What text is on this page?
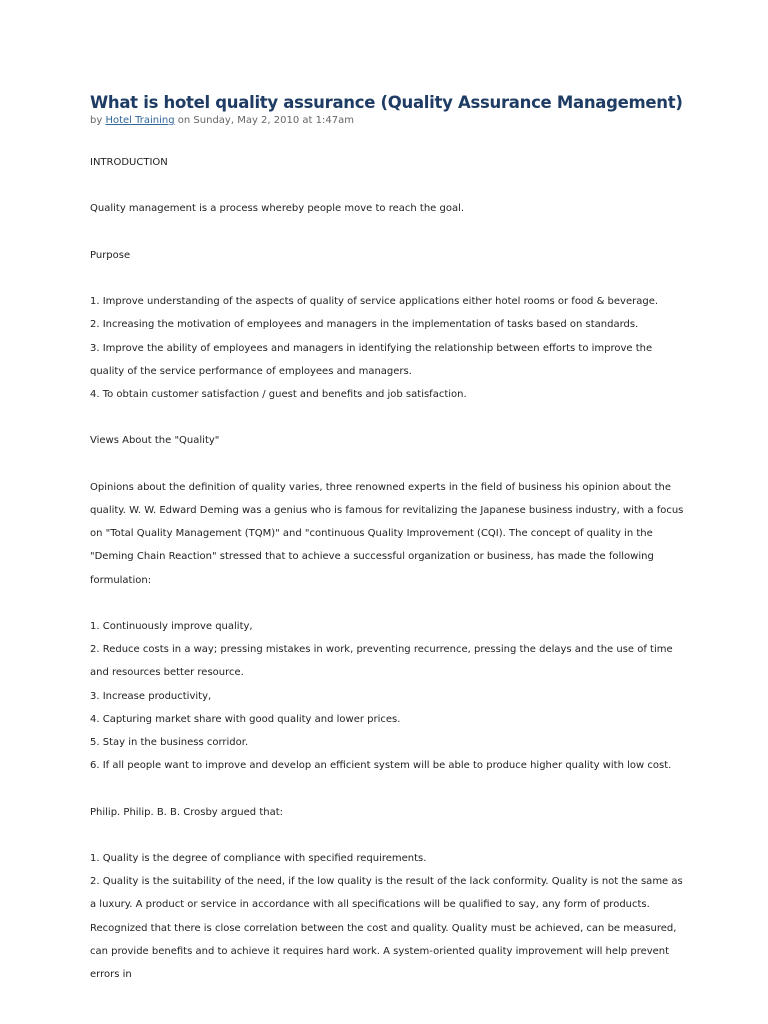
What is hotel quality assurance (Quality Assurance Management)
by Hotel Training on Sunday, May 2, 2010 at 1:47am

INTRODUCTION

Quality management is a process whereby people move to reach the goal.

Purpose

1. Improve understanding of the aspects of quality of service applications either hotel rooms or food & beverage.

2. Increasing the motivation of employees and managers in the implementation of tasks based on standards.

3. Improve the ability of employees and managers in identifying the relationship between efforts to improve the quality of the service performance of employees and managers.

4. To obtain customer satisfaction / guest and benefits and job satisfaction.

Views About the "Quality"

Opinions about the definition of quality varies, three renowned experts in the field of business his opinion about the quality. W. W. Edward Deming was a genius who is famous for revitalizing the Japanese business industry, with a focus on "Total Quality Management (TQM)" and "continuous Quality Improvement (CQI). The concept of quality in the "Deming Chain Reaction" stressed that to achieve a successful organization or business, has made the following formulation:

1. Continuously improve quality,

2. Reduce costs in a way; pressing mistakes in work, preventing recurrence, pressing the delays and the use of time and resources better resource.

3. Increase productivity,

4. Capturing market share with good quality and lower prices.

5. Stay in the business corridor.

6. If all people want to improve and develop an efficient system will be able to produce higher quality with low cost.

Philip. Philip. B. B. Crosby argued that:

1. Quality is the degree of compliance with specified requirements.

2. Quality is the suitability of the need, if the low quality is the result of the lack conformity. Quality is not the same as a luxury. A product or service in accordance with all specifications will be qualified to say, any form of products. Recognized that there is close correlation between the cost and quality. Quality must be achieved, can be measured, can provide benefits and to achieve it requires hard work. A system-oriented quality improvement will help prevent errors in
